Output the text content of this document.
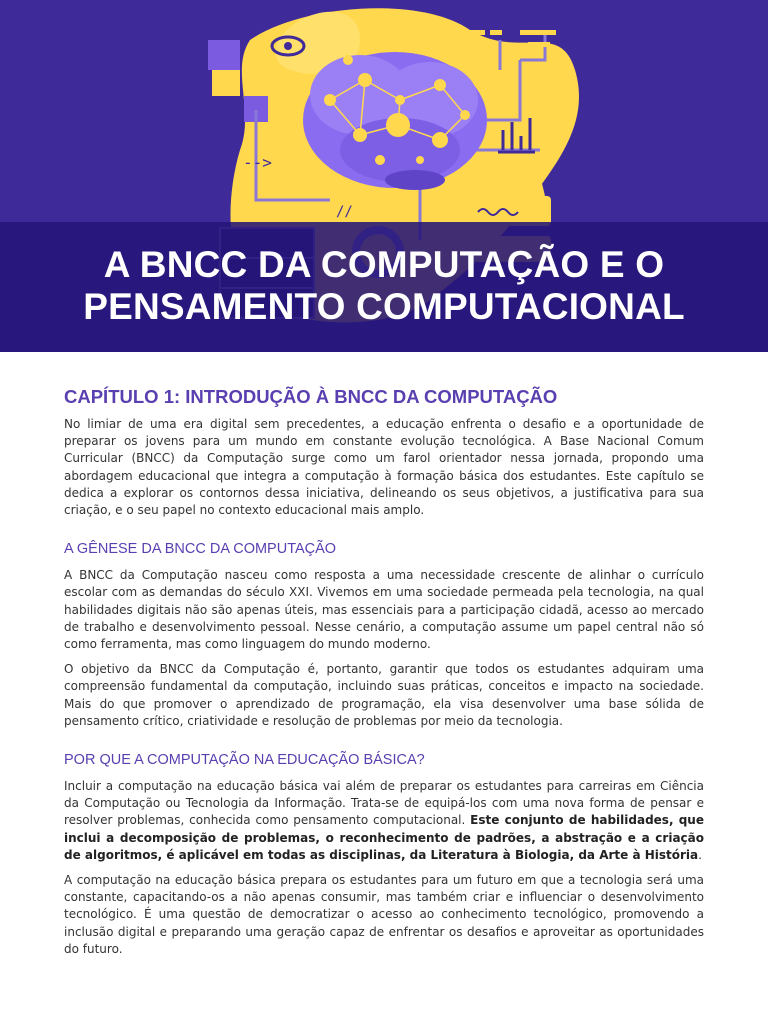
-->
//
A BNCC DA COMPUTAÇÃO E O
PENSAMENTO COMPUTACIONAL
CAPÍTULO 1: INTRODUÇÃO À BNCC DA COMPUTAÇÃO

No limiar de uma era digital sem precedentes, a educação enfrenta o desafio e a oportunidade de preparar os jovens para um mundo em constante evolução tecnológica. A Base Nacional Comum Curricular (BNCC) da Computação surge como um farol orientador nessa jornada, propondo uma abordagem educacional que integra a computação à formação básica dos estudantes. Este capítulo se dedica a explorar os contornos dessa iniciativa, delineando os seus objetivos, a justificativa para sua criação, e o seu papel no contexto educacional mais amplo.

A GÊNESE DA BNCC DA COMPUTAÇÃO

A BNCC da Computação nasceu como resposta a uma necessidade crescente de alinhar o currículo escolar com as demandas do século XXI. Vivemos em uma sociedade permeada pela tecnologia, na qual habilidades digitais não são apenas úteis, mas essenciais para a participação cidadã, acesso ao mercado de trabalho e desenvolvimento pessoal. Nesse cenário, a computação assume um papel central não só como ferramenta, mas como linguagem do mundo moderno.

O objetivo da BNCC da Computação é, portanto, garantir que todos os estudantes adquiram uma compreensão fundamental da computação, incluindo suas práticas, conceitos e impacto na sociedade. Mais do que promover o aprendizado de programação, ela visa desenvolver uma base sólida de pensamento crítico, criatividade e resolução de problemas por meio da tecnologia.

POR QUE A COMPUTAÇÃO NA EDUCAÇÃO BÁSICA?

Incluir a computação na educação básica vai além de preparar os estudantes para carreiras em Ciência da Computação ou Tecnologia da Informação. Trata-se de equipá-los com uma nova forma de pensar e resolver problemas, conhecida como pensamento computacional. Este conjunto de habilidades, que inclui a decomposição de problemas, o reconhecimento de padrões, a abstração e a criação de algoritmos, é aplicável em todas as disciplinas, da Literatura à Biologia, da Arte à História.

A computação na educação básica prepara os estudantes para um futuro em que a tecnologia será uma constante, capacitando-os a não apenas consumir, mas também criar e influenciar o desenvolvimento tecnológico. É uma questão de democratizar o acesso ao conhecimento tecnológico, promovendo a inclusão digital e preparando uma geração capaz de enfrentar os desafios e aproveitar as oportunidades do futuro.
